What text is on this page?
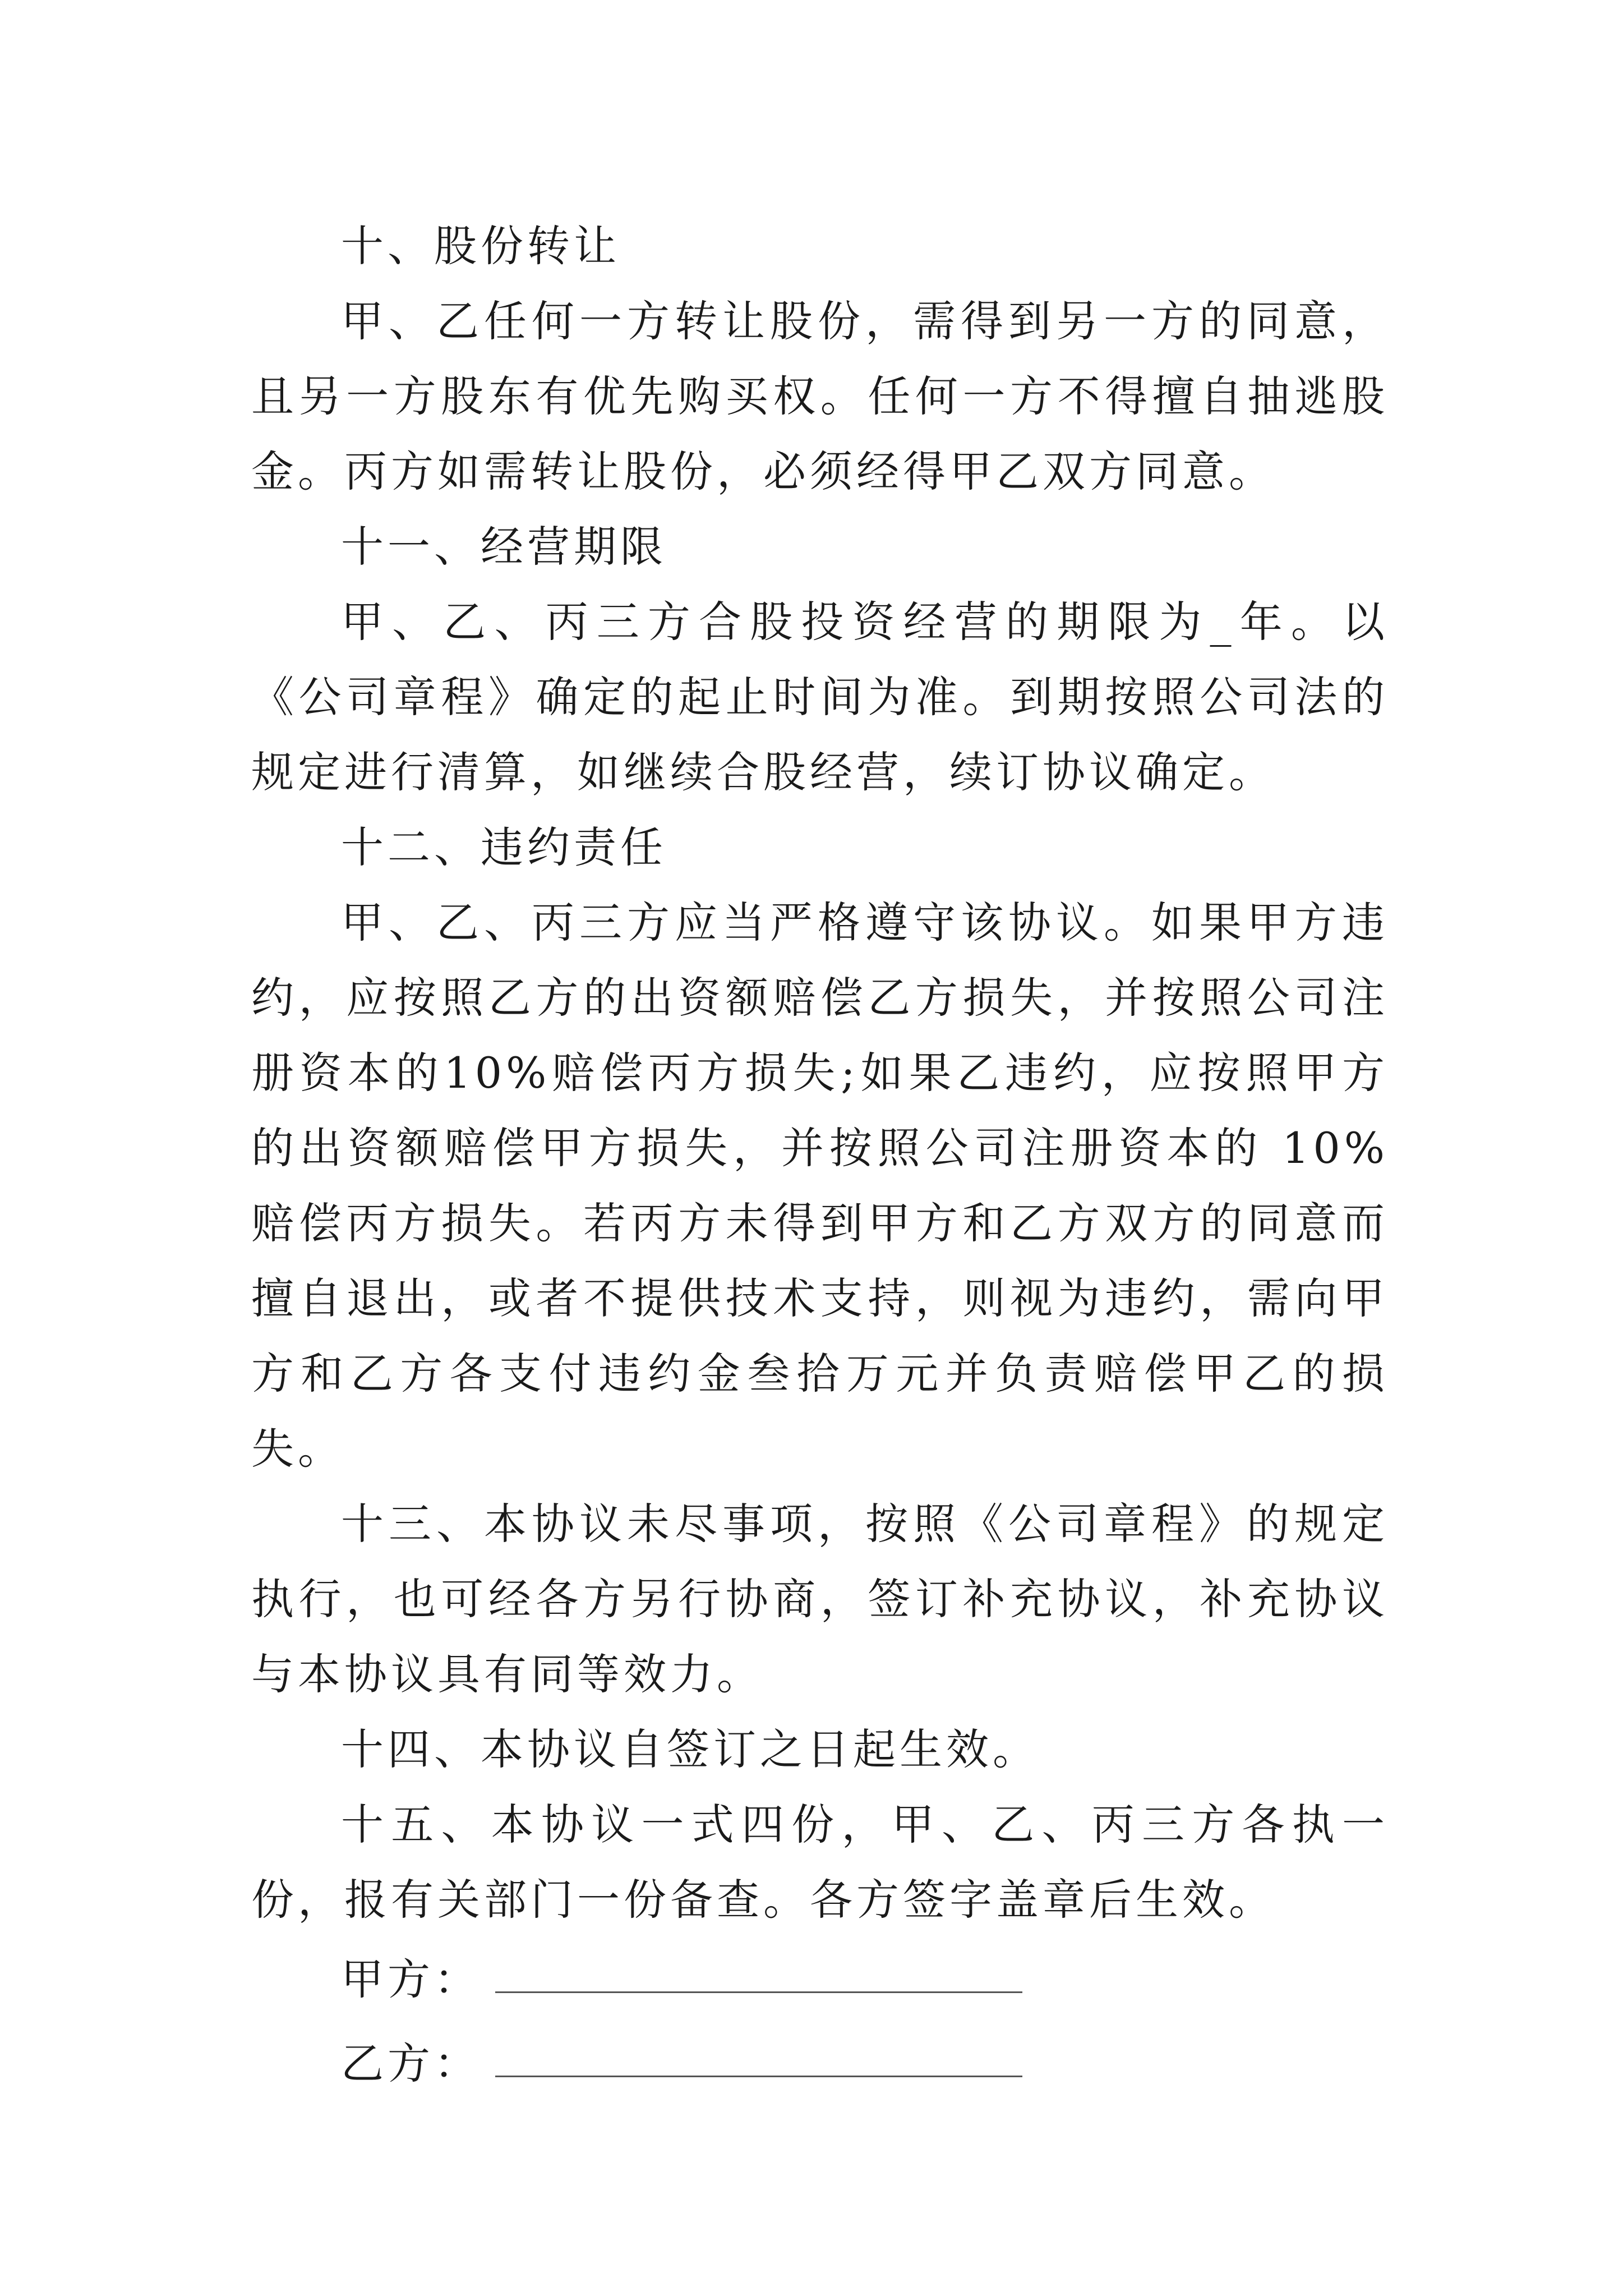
十、股份转让

甲、乙任何一方转让股份，需得到另一方的同意，且另一方股东有优先购买权。任何一方不得擅自抽逃股金。丙方如需转让股份，必须经得甲乙双方同意。

十一、经营期限

甲、乙、丙三方合股投资经营的期限为_年。以《公司章程》确定的起止时间为准。到期按照公司法的规定进行清算，如继续合股经营，续订协议确定。

十二、违约责任

甲、乙、丙三方应当严格遵守该协议。如果甲方违约，应按照乙方的出资额赔偿乙方损失，并按照公司注册资本的10%赔偿丙方损失;如果乙违约，应按照甲方的出资额赔偿甲方损失，并按照公司注册资本的 10%赔偿丙方损失。若丙方未得到甲方和乙方双方的同意而擅自退出，或者不提供技术支持，则视为违约，需向甲方和乙方各支付违约金叁拾万元并负责赔偿甲乙的损失。

十三、本协议未尽事项，按照《公司章程》的规定执行，也可经各方另行协商，签订补充协议，补充协议与本协议具有同等效力。

十四、本协议自签订之日起生效。

十五、本协议一式四份，甲、乙、丙三方各执一份，报有关部门一份备查。各方签字盖章后生效。

甲方：
乙方：
